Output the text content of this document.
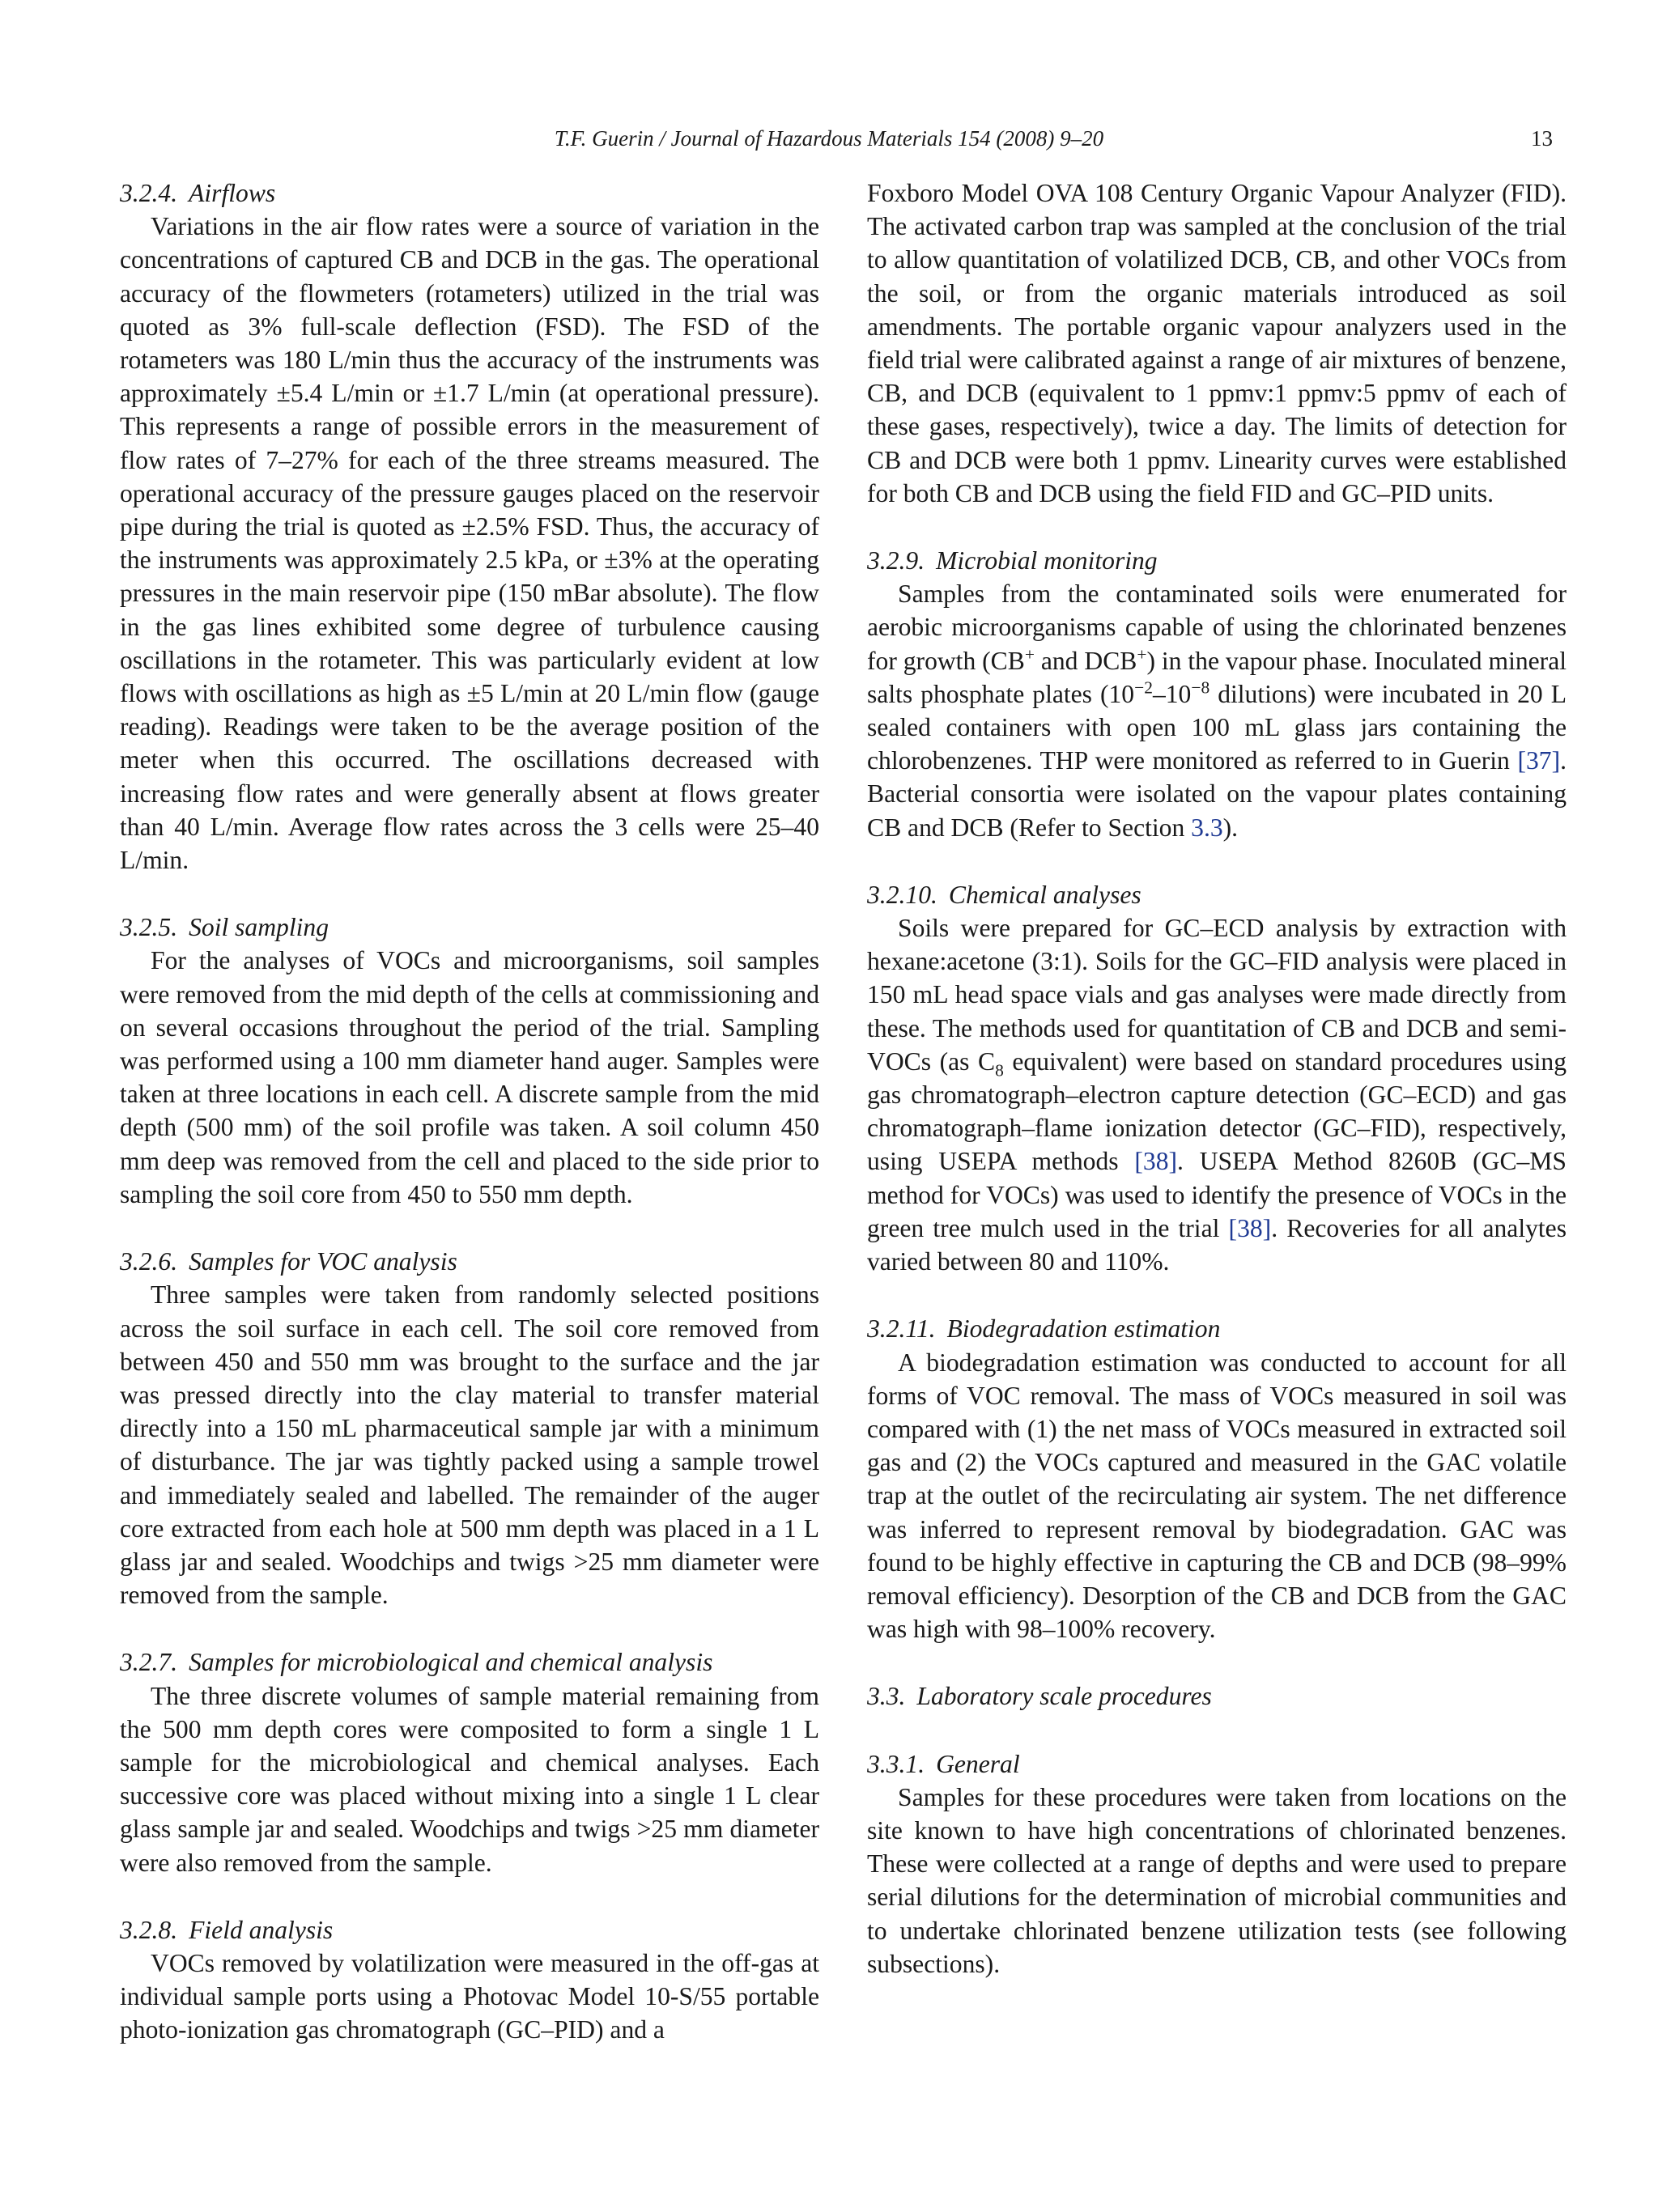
T.F. Guerin / Journal of Hazardous Materials 154 (2008) 9–20	13
3.2.4. Airflows

Variations in the air flow rates were a source of variation in the concentrations of captured CB and DCB in the gas. The operational accuracy of the flowmeters (rotameters) utilized in the trial was quoted as 3% full-scale deflection (FSD). The FSD of the rotameters was 180 L/min thus the accuracy of the instruments was approximately ±5.4 L/min or ±1.7 L/min (at operational pressure). This represents a range of possible errors in the measurement of flow rates of 7–27% for each of the three streams measured. The operational accuracy of the pressure gauges placed on the reservoir pipe during the trial is quoted as ±2.5% FSD. Thus, the accuracy of the instruments was approximately 2.5 kPa, or ±3% at the operating pressures in the main reservoir pipe (150 mBar absolute). The flow in the gas lines exhibited some degree of turbulence causing oscillations in the rotameter. This was particularly evident at low flows with oscillations as high as ±5 L/min at 20 L/min flow (gauge reading). Readings were taken to be the average position of the meter when this occurred. The oscillations decreased with increasing flow rates and were generally absent at flows greater than 40 L/min. Average flow rates across the 3 cells were 25–40 L/min.

3.2.5. Soil sampling

For the analyses of VOCs and microorganisms, soil samples were removed from the mid depth of the cells at commissioning and on several occasions throughout the period of the trial. Sampling was performed using a 100 mm diameter hand auger. Samples were taken at three locations in each cell. A discrete sample from the mid depth (500 mm) of the soil profile was taken. A soil column 450 mm deep was removed from the cell and placed to the side prior to sampling the soil core from 450 to 550 mm depth.

3.2.6. Samples for VOC analysis

Three samples were taken from randomly selected positions across the soil surface in each cell. The soil core removed from between 450 and 550 mm was brought to the surface and the jar was pressed directly into the clay material to transfer material directly into a 150 mL pharmaceutical sample jar with a minimum of disturbance. The jar was tightly packed using a sample trowel and immediately sealed and labelled. The remainder of the auger core extracted from each hole at 500 mm depth was placed in a 1 L glass jar and sealed. Woodchips and twigs >25 mm diameter were removed from the sample.

3.2.7. Samples for microbiological and chemical analysis

The three discrete volumes of sample material remaining from the 500 mm depth cores were composited to form a single 1 L sample for the microbiological and chemical analyses. Each successive core was placed without mixing into a single 1 L clear glass sample jar and sealed. Woodchips and twigs >25 mm diameter were also removed from the sample.

3.2.8. Field analysis

VOCs removed by volatilization were measured in the off-gas at individual sample ports using a Photovac Model 10-S/55 portable photo-ionization gas chromatograph (GC–PID) and a

Foxboro Model OVA 108 Century Organic Vapour Analyzer (FID). The activated carbon trap was sampled at the conclusion of the trial to allow quantitation of volatilized DCB, CB, and other VOCs from the soil, or from the organic materials introduced as soil amendments. The portable organic vapour analyzers used in the field trial were calibrated against a range of air mixtures of benzene, CB, and DCB (equivalent to 1 ppmv:1 ppmv:5 ppmv of each of these gases, respectively), twice a day. The limits of detection for CB and DCB were both 1 ppmv. Linearity curves were established for both CB and DCB using the field FID and GC–PID units.

3.2.9. Microbial monitoring

Samples from the contaminated soils were enumerated for aerobic microorganisms capable of using the chlorinated benzenes for growth (CB+ and DCB+) in the vapour phase. Inoculated mineral salts phosphate plates ($10^{-2}-10^{-8}$ dilutions) were incubated in 20 L sealed containers with open 100 mL glass jars containing the chlorobenzenes. THP were monitored as referred to in Guerin [37]. Bacterial consortia were isolated on the vapour plates containing CB and DCB (Refer to Section 3.3).

3.2.10. Chemical analyses

Soils were prepared for GC–ECD analysis by extraction with hexane:acetone (3:1). Soils for the GC–FID analysis were placed in 150 mL head space vials and gas analyses were made directly from these. The methods used for quantitation of CB and DCB and semi-VOCs (as $C_8$ equivalent) were based on standard procedures using gas chromatograph–electron capture detection (GC–ECD) and gas chromatograph–flame ionization detector (GC–FID), respectively, using USEPA methods [38]. USEPA Method 8260B (GC–MS method for VOCs) was used to identify the presence of VOCs in the green tree mulch used in the trial [38]. Recoveries for all analytes varied between 80 and 110%.

3.2.11. Biodegradation estimation

A biodegradation estimation was conducted to account for all forms of VOC removal. The mass of VOCs measured in soil was compared with (1) the net mass of VOCs measured in extracted soil gas and (2) the VOCs captured and measured in the GAC volatile trap at the outlet of the recirculating air system. The net difference was inferred to represent removal by biodegradation. GAC was found to be highly effective in capturing the CB and DCB (98–99% removal efficiency). Desorption of the CB and DCB from the GAC was high with 98–100% recovery.

3.3. Laboratory scale procedures
3.3.1. General

Samples for these procedures were taken from locations on the site known to have high concentrations of chlorinated benzenes. These were collected at a range of depths and were used to prepare serial dilutions for the determination of microbial communities and to undertake chlorinated benzene utilization tests (see following subsections).
